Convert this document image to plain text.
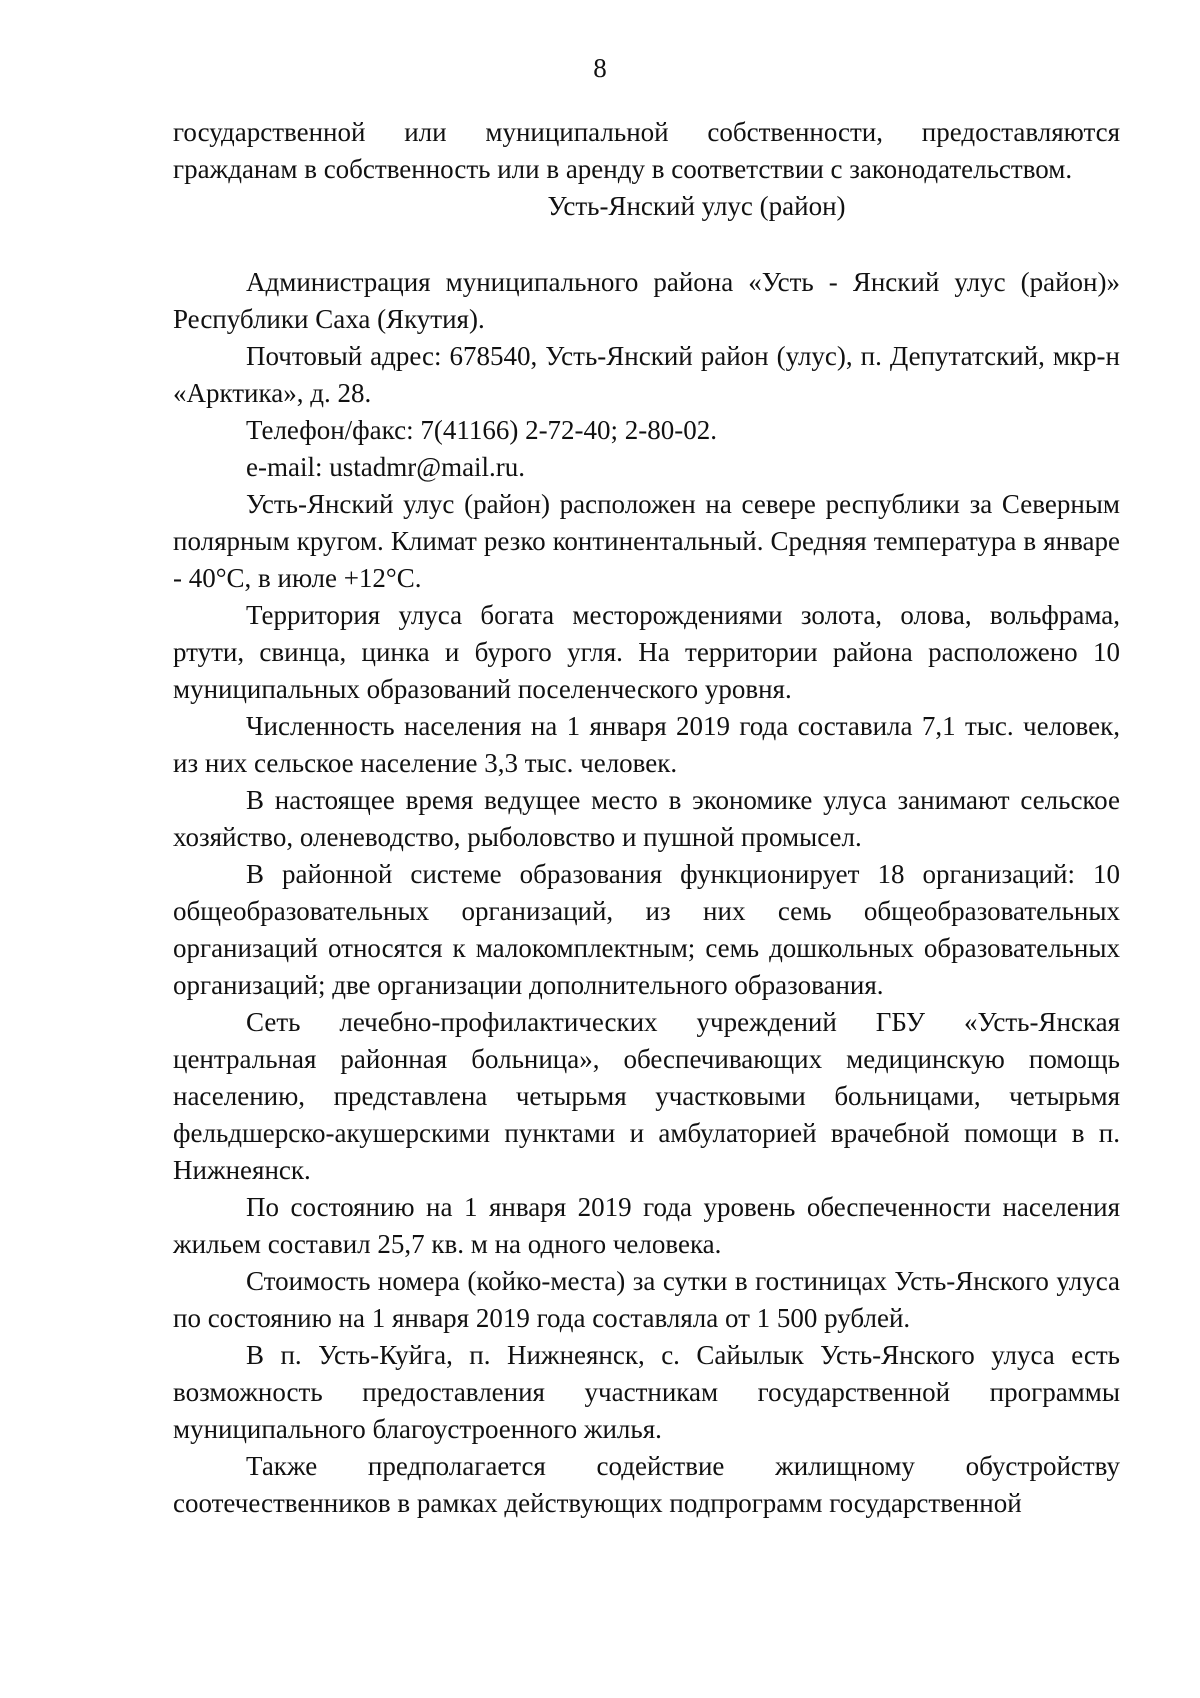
8

государственной или муниципальной собственности, предоставляются гражданам в собственность или в аренду в соответствии с законодательством.

Усть-Янский улус (район)

Администрация муниципального района «Усть - Янский улус (район)» Республики Саха (Якутия).

Почтовый адрес: 678540, Усть-Янский район (улус), п. Депутатский, мкр-н «Арктика», д. 28.

Телефон/факс: 7(41166) 2-72-40; 2-80-02.

e-mail: ustadmr@mail.ru.

Усть-Янский улус (район) расположен на севере республики за Северным полярным кругом. Климат резко континентальный. Средняя температура в январе - 40°С, в июле +12°С.

Территория улуса богата месторождениями золота, олова, вольфрама, ртути, свинца, цинка и бурого угля. На территории района расположено 10 муниципальных образований поселенческого уровня.

Численность населения на 1 января 2019 года составила 7,1 тыс. человек, из них сельское население 3,3 тыс. человек.

В настоящее время ведущее место в экономике улуса занимают сельское хозяйство, оленеводство, рыболовство и пушной промысел.

В районной системе образования функционирует 18 организаций: 10 общеобразовательных организаций, из них семь общеобразовательных организаций относятся к малокомплектным; семь дошкольных образовательных организаций; две организации дополнительного образования.

Сеть лечебно-профилактических учреждений ГБУ «Усть-Янская центральная районная больница», обеспечивающих медицинскую помощь населению, представлена четырьмя участковыми больницами, четырьмя фельдшерско-акушерскими пунктами и амбулаторией врачебной помощи в п. Нижнеянск.

По состоянию на 1 января 2019 года уровень обеспеченности населения жильем составил 25,7 кв. м на одного человека.

Стоимость номера (койко-места) за сутки в гостиницах Усть-Янского улуса по состоянию на 1 января 2019 года составляла от 1 500 рублей.

В п. Усть-Куйга, п. Нижнеянск, с. Сайылык Усть-Янского улуса есть возможность предоставления участникам государственной программы муниципального благоустроенного жилья.

Также предполагается содействие жилищному обустройству соотечественников в рамках действующих подпрограмм государственной
